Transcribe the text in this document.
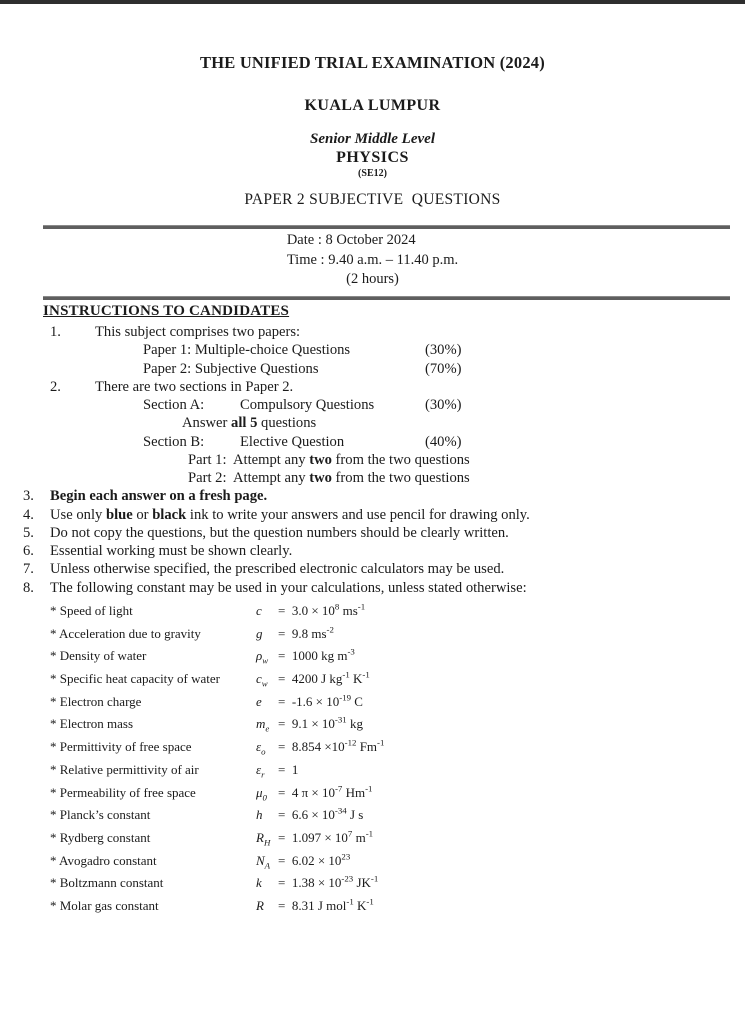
THE UNIFIED TRIAL EXAMINATION (2024)
KUALA LUMPUR
Senior Middle Level
PHYSICS
(SE12)
PAPER 2 SUBJECTIVE  QUESTIONS
Date : 8 October 2024
Time : 9.40 a.m. – 11.40 p.m.
(2 hours)
INSTRUCTIONS TO CANDIDATES
1. This subject comprises two papers:
Paper 1: Multiple-choice Questions	(30%)
Paper 2: Subjective Questions	(70%)
2. There are two sections in Paper 2.
Section A: Compulsory Questions	(30%)
Answer all 5 questions
Section B: Elective Question	(40%)
Part 1:  Attempt any two from the two questions
Part 2:  Attempt any two from the two questions
3. Begin each answer on a fresh page.
4. Use only blue or black ink to write your answers and use pencil for drawing only.
5. Do not copy the questions, but the question numbers should be clearly written.
6. Essential working must be shown clearly.
7. Unless otherwise specified, the prescribed electronic calculators may be used.
8. The following constant may be used in your calculations, unless stated otherwise:
* Speed of light	$c = 3.0 \times 10^8$ $ms^{-1}$
* Acceleration due to gravity	g =  9.8 $ms^{-2}$
* Density of water	$\rho_w = 1000$ kg $m^{-3}$
* Specific heat capacity of water	$c_w = 4200$ J $kg^{-1}$ $K^{-1}$
* Electron charge	$e = -1.6 \times 10^{-19}$ C
* Electron mass	$m_e = 9.1 \times 10^{-31}$ kg
* Permittivity of free space	$\varepsilon_o = 8.854 \times 10^{-12}$ $Fm^{-1}$
* Relative permittivity of air	$\varepsilon_r = 1$
* Permeability of free space	$\mu_0 = 4$ $\pi \times 10^{-7}$ $Hm^{-1}$
* Planck’s constant	$h = 6.6 \times 10^{-34}$ J s
* Rydberg constant	$R_H = 1.097 \times 10^7$ $m^{-1}$
* Avogadro constant	$N_A = 6.02 \times 10^{23}$
* Boltzmann constant	$k = 1.38 \times 10^{-23}$ $JK^{-1}$
* Molar gas constant	R =  8.31 J mol$^{-1}$ $K^{-1}$
